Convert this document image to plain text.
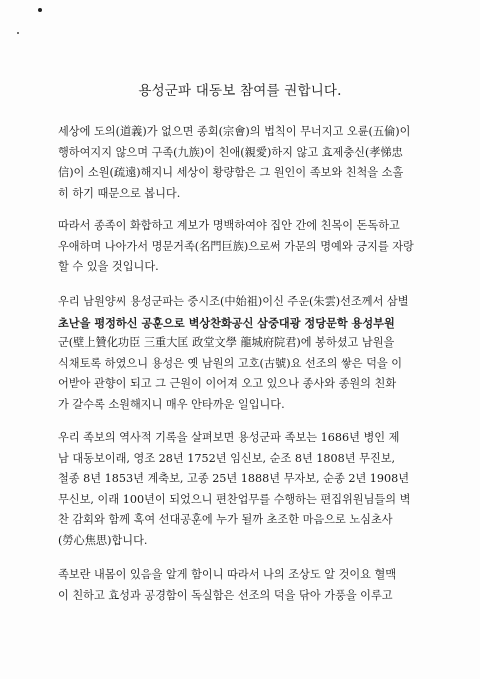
용성군파 대동보 참여를 권합니다.
세상에 도의(道義)가 없으면 종회(宗會)의 법칙이 무너지고 오륜(五倫)이
행하여지지 않으며 구족(九族)이 친애(親愛)하지 않고 효제충신(孝悌忠
信)이 소원(疏遠)해지니 세상이 황량함은 그 원인이 족보와 친척을 소홀
히 하기 때문으로 봅니다.
따라서 종족이 화합하고 계보가 명백하여야 집안 간에 친목이 돈독하고
우애하며 나아가서 명문거족(名門巨族)으로써 가문의 명예와 긍지를 자랑
할 수 있을 것입니다.
우리 남원양씨 용성군파는 중시조(中始祖)이신 주운(朱雲)선조께서 삼별
초난을 평정하신 공훈으로 벽상찬화공신 삼중대광 정당문학 용성부원
군(壁上贊化功臣 三重大匡 政堂文學 龍城府院君)에 봉하셨고 남원을
식채토록 하였으니 용성은 옛 남원의 고호(古號)요 선조의 쌓은 덕을 이
어받아 관향이 되고 그 근원이 이어져 오고 있으나 종사와 종원의 친화
가 갈수록 소원해지니 매우 안타까운 일입니다.
우리 족보의 역사적 기록을 살펴보면 용성군파 족보는 1686년 병인 제
남 대동보이래, 영조 28년 1752년 임신보, 순조 8년 1808년 무진보,
철종 8년 1853년 계축보, 고종 25년 1888년 무자보, 순종 2년 1908년
무신보, 이래 100년이 되었으니 편찬업무를 수행하는 편집위원님들의 벽
찬 감회와 함께 혹여 선대공훈에 누가 될까 초조한 마음으로 노심초사
(勞心焦思)합니다.
족보란 내몸이 있음을 알게 함이니 따라서 나의 조상도 알 것이요 혈맥
이 친하고 효성과 공경함이 독실함은 선조의 덕을 닦아 가풍을 이루고
